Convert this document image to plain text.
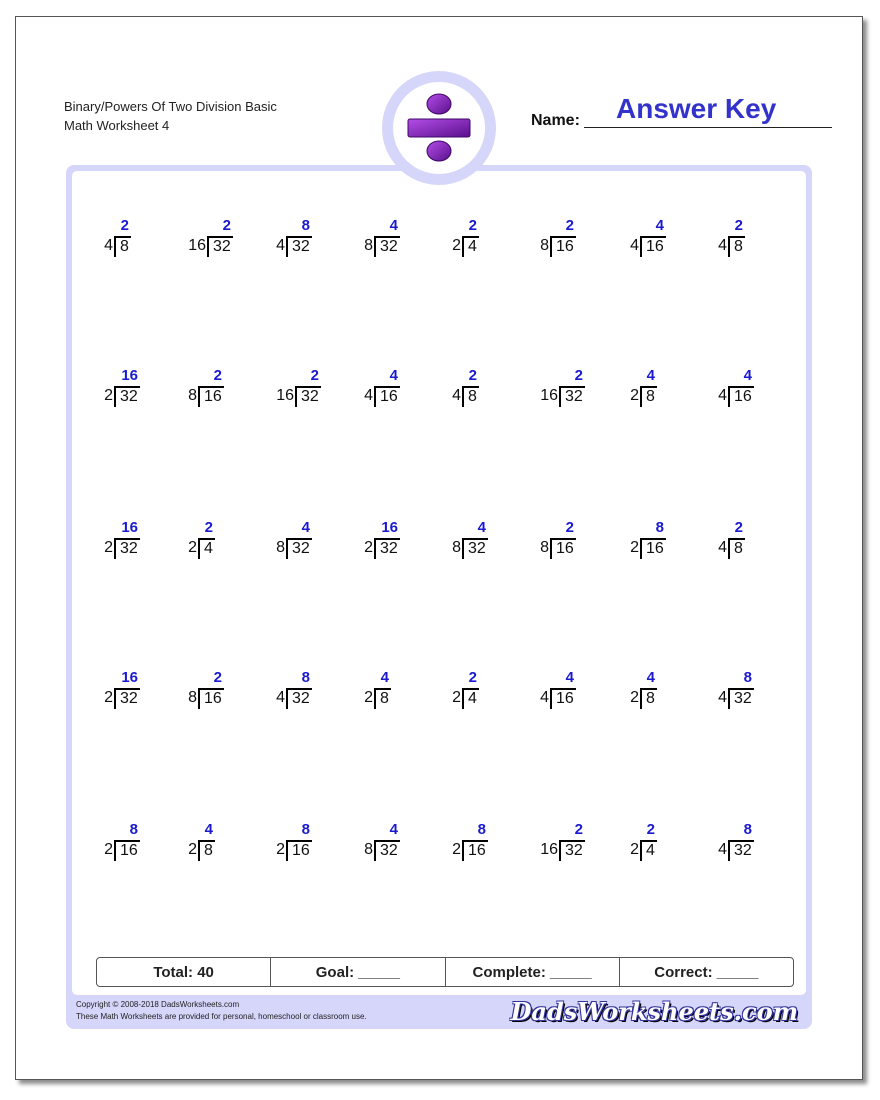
Binary/Powers Of Two Division Basic
Math Worksheet 4	Name: Answer Key
Total: 40	Goal: _____	Complete: _____	Correct: _____
2
4 8
2
16 32
8
4 32
4
8 32
2
2 4
2
8 16
4
4 16
2
4 8
16
2 32
2
8 16
2
16 32
4
4 16
2
4 8
2
16 32
4
2 8
4
4 16
16
2 32
2
2 4
4
8 32
16
2 32
4
8 32
2
8 16
8
2 16
2
4 8
16
2 32
2
8 16
8
4 32
4
2 8
2
2 4
4
4 16
4
2 8
8
4 32
8
2 16
4
2 8
8
2 16
4
8 32
8
2 16
2
16 32
2
2 4
8
4 32
Copyright © 2008-2018 DadsWorksheets.com
These Math Worksheets are provided for personal, homeschool or classroom use.	DadsWorksheets.com
